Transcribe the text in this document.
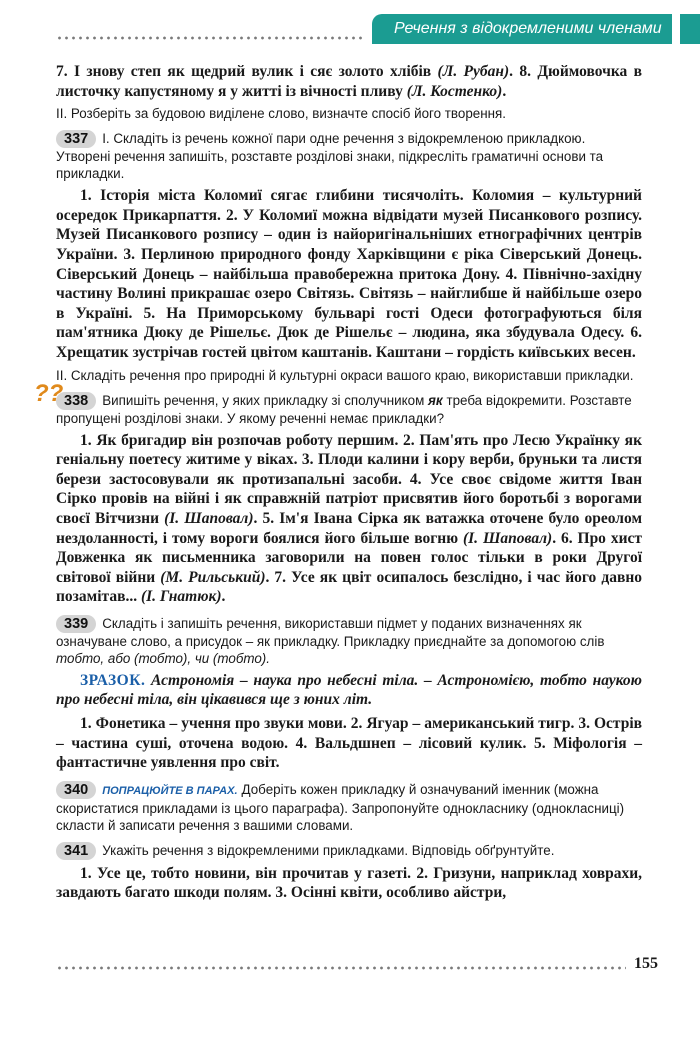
Речення з відокремленими членами

7. І знову степ як щедрий вулик і сяє золото хлібів (Л. Рубан). 8. Дюймовочка в листочку капустяному я у житті із вічності пливу (Л. Костенко).

ІІ. Розберіть за будовою виділене слово, визначте спосіб його творення.

337 І. Складіть із речень кожної пари одне речення з відокремленою прикладкою. Утворені речення запишіть, розставте розділові знаки, підкресліть граматичні основи та прикладки.

1. Історія міста Коломиї сягає глибини тисячоліть. Коломия – культурний осередок Прикарпаття. 2. У Коломиї можна відвідати музей Писанкового розпису. Музей Писанкового розпису – один із найоригінальніших етнографічних центрів України. 3. Перлиною природного фонду Харківщини є ріка Сіверський Донець. Сіверський Донець – найбільша правобережна притока Дону. 4. Північно-західну частину Волині прикрашає озеро Світязь. Світязь – найглибше й найбільше озеро в Україні. 5. На Приморському бульварі гості Одеси фотографуються біля пам'ятника Дюку де Рішельє. Дюк де Рішельє – людина, яка збудувала Одесу. 6. Хрещатик зустрічав гостей цвітом каштанів. Каштани – гордість київських весен.

ІІ. Складіть речення про природні й культурні окраси вашого краю, використавши прикладки.

?? 338 Випишіть речення, у яких прикладку зі сполучником як треба відокремити. Розставте пропущені розділові знаки. У якому реченні немає прикладки?

1. Як бригадир він розпочав роботу першим. 2. Пам'ять про Лесю Українку як геніальну поетесу житиме у віках. 3. Плоди калини і кору верби, бруньки та листя берези застосовували як протизапальні засоби. 4. Усе своє свідоме життя Іван Сірко провів на війні і як справжній патріот присвятив його боротьбі з ворогами своєї Вітчизни (І. Шаповал). 5. Ім'я Івана Сірка як ватажка оточене було ореолом нездоланності, і тому вороги боялися його більше вогню (І. Шаповал). 6. Про хист Довженка як письменника заговорили на повен голос тільки в роки Другої світової війни (М. Рильський). 7. Усе як цвіт осипалось безслідно, і час його давно позамітав... (І. Гнатюк).

339 Складіть і запишіть речення, використавши підмет у поданих визначеннях як означуване слово, а присудок – як прикладку. Прикладку приєднайте за допомогою слів тобто, або (тобто), чи (тобто).

ЗРАЗОК. Астрономія – наука про небесні тіла. – Астрономією, тобто наукою про небесні тіла, він цікавився ще з юних літ.

1. Фонетика – учення про звуки мови. 2. Ягуар – американський тигр. 3. Острів – частина суші, оточена водою. 4. Вальдшнеп – лісовий кулик. 5. Міфологія – фантастичне уявлення про світ.

340 ПОПРАЦЮЙТЕ В ПАРАХ. Доберіть кожен прикладку й означуваний іменник (можна скористатися прикладами із цього параграфа). Запропонуйте однокласнику (однокласниці) скласти й записати речення з вашими словами.

341 Укажіть речення з відокремленими прикладками. Відповідь обґрунтуйте.

1. Усе це, тобто новини, він прочитав у газеті. 2. Гризуни, наприклад ховрахи, завдають багато шкоди полям. 3. Осінні квіти, особливо айстри,

155
